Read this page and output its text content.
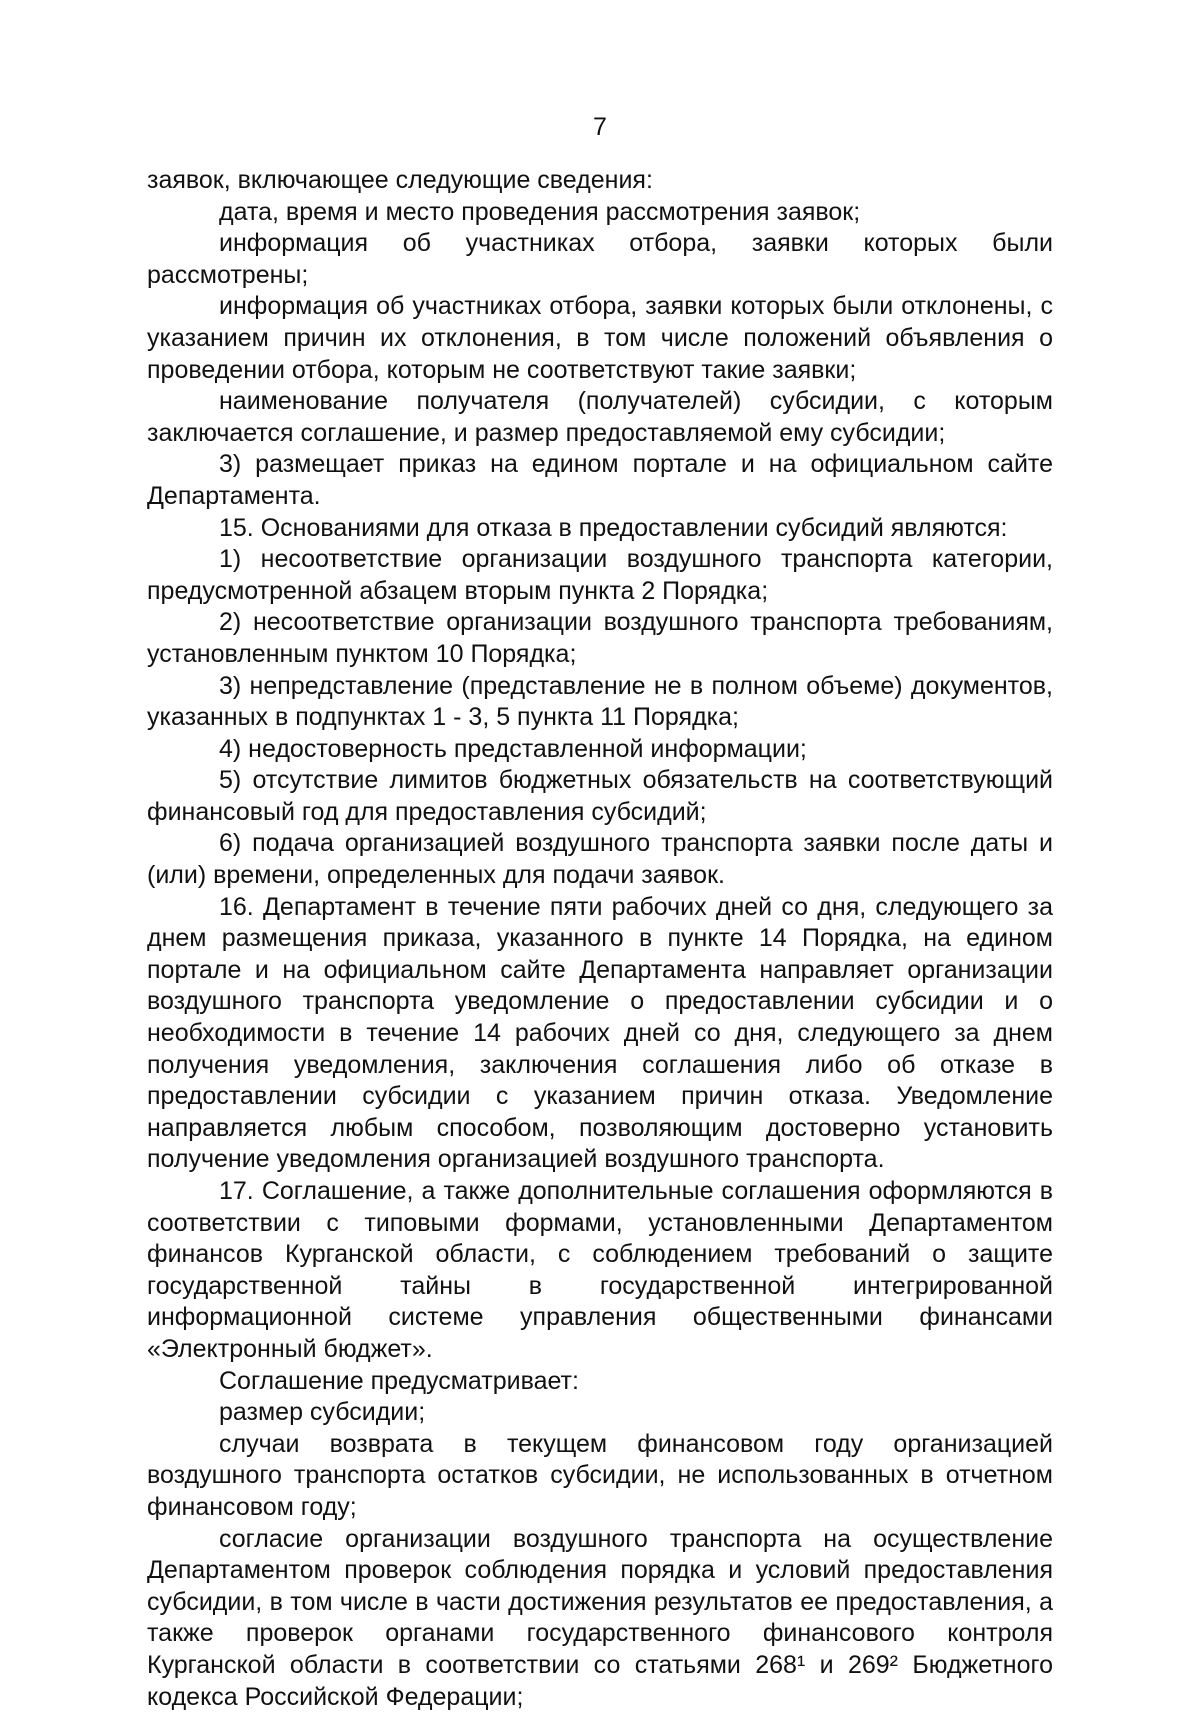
7

заявок, включающее следующие сведения:

дата, время и место проведения рассмотрения заявок;

информация об участниках отбора, заявки которых были рассмотрены;

информация об участниках отбора, заявки которых были отклонены, с указанием причин их отклонения, в том числе положений объявления о проведении отбора, которым не соответствуют такие заявки;

наименование получателя (получателей) субсидии, с которым заключается соглашение, и размер предоставляемой ему субсидии;

3) размещает приказ на едином портале и на официальном сайте Департамента.

15. Основаниями для отказа в предоставлении субсидий являются:

1) несоответствие организации воздушного транспорта категории, предусмотренной абзацем вторым пункта 2 Порядка;

2) несоответствие организации воздушного транспорта требованиям, установленным пунктом 10 Порядка;

3) непредставление (представление не в полном объеме) документов, указанных в подпунктах 1 - 3, 5 пункта 11 Порядка;

4) недостоверность представленной информации;

5) отсутствие лимитов бюджетных обязательств на соответствующий финансовый год для предоставления субсидий;

6) подача организацией воздушного транспорта заявки после даты и (или) времени, определенных для подачи заявок.

16. Департамент в течение пяти рабочих дней со дня, следующего за днем размещения приказа, указанного в пункте 14 Порядка, на едином портале и на официальном сайте Департамента направляет организации воздушного транспорта уведомление о предоставлении субсидии и о необходимости в течение 14 рабочих дней со дня, следующего за днем получения уведомления, заключения соглашения либо об отказе в предоставлении субсидии с указанием причин отказа. Уведомление направляется любым способом, позволяющим достоверно установить получение уведомления организацией воздушного транспорта.

17. Соглашение, а также дополнительные соглашения оформляются в соответствии с типовыми формами, установленными Департаментом финансов Курганской области, с соблюдением требований о защите государственной тайны в государственной интегрированной информационной системе управления общественными финансами «Электронный бюджет».

Соглашение предусматривает:

размер субсидии;

случаи возврата в текущем финансовом году организацией воздушного транспорта остатков субсидии, не использованных в отчетном финансовом году;

согласие организации воздушного транспорта на осуществление Департаментом проверок соблюдения порядка и условий предоставления субсидии, в том числе в части достижения результатов ее предоставления, а также проверок органами государственного финансового контроля Курганской области в соответствии со статьями 268¹ и 269² Бюджетного кодекса Российской Федерации;
